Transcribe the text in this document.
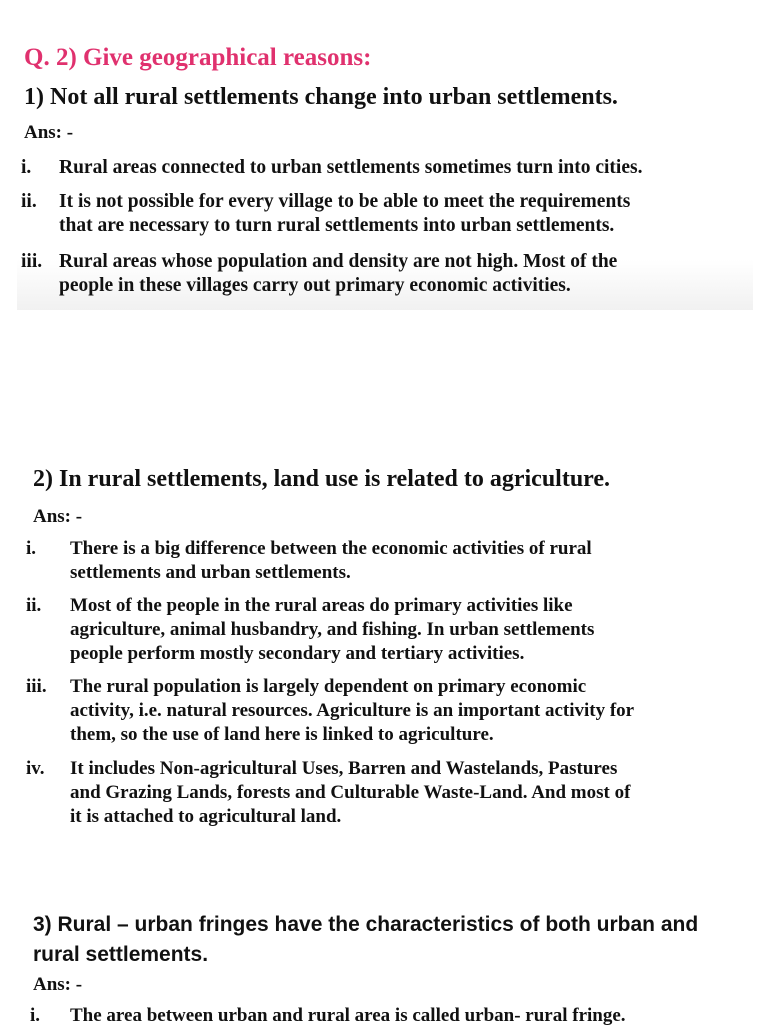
Q. 2) Give geographical reasons:
1) Not all rural settlements change into urban settlements.
Ans: -
i. Rural areas connected to urban settlements sometimes turn into cities.
ii. It is not possible for every village to be able to meet the requirements
that are necessary to turn rural settlements into urban settlements.
iii. Rural areas whose population and density are not high. Most of the
people in these villages carry out primary economic activities.
2) In rural settlements, land use is related to agriculture.
Ans: -
i. There is a big difference between the economic activities of rural
settlements and urban settlements.
ii. Most of the people in the rural areas do primary activities like
agriculture, animal husbandry, and fishing. In urban settlements
people perform mostly secondary and tertiary activities.
iii. The rural population is largely dependent on primary economic
activity, i.e. natural resources. Agriculture is an important activity for
them, so the use of land here is linked to agriculture.
iv. It includes Non-agricultural Uses, Barren and Wastelands, Pastures
and Grazing Lands, forests and Culturable Waste-Land. And most of
it is attached to agricultural land.
3) Rural – urban fringes have the characteristics of both urban and
rural settlements.
Ans: -
i. The area between urban and rural area is called urban- rural fringe.
